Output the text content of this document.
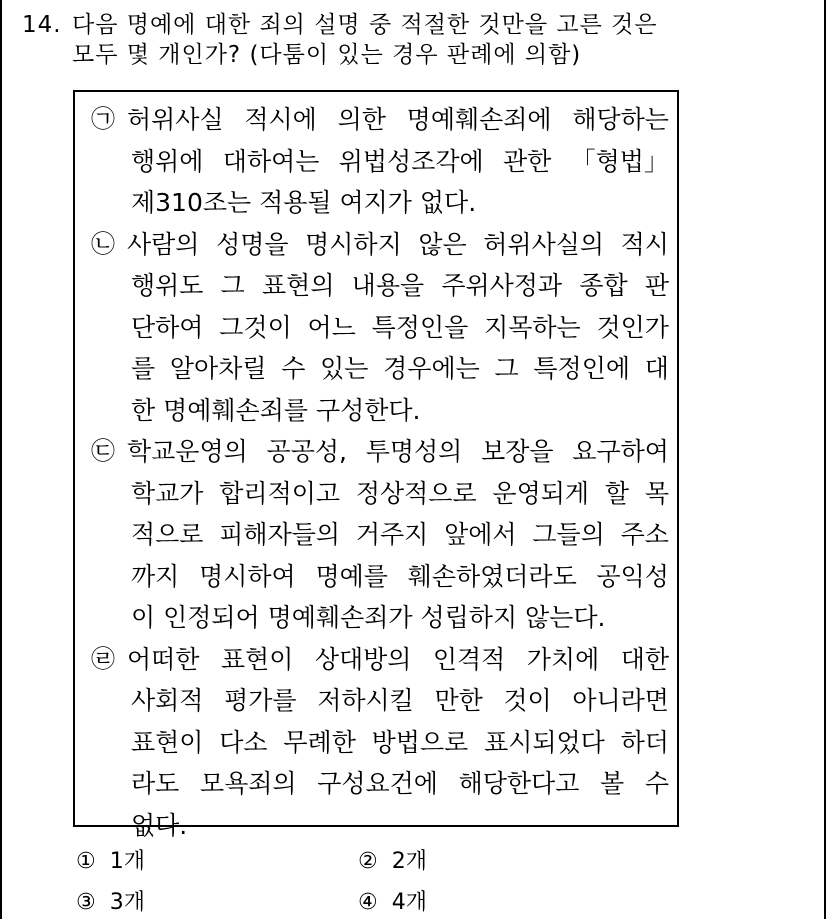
14. 다음 명예에 대한 죄의 설명 중 적절한 것만을 고른 것은
모두 몇 개인가? (다툼이 있는 경우 판례에 의함)
㉠ 허위사실 적시에 의한 명예훼손죄에 해당하는
행위에 대하여는 위법성조각에 관한 「형법」
제310조는 적용될 여지가 없다.
㉡ 사람의 성명을 명시하지 않은 허위사실의 적시
행위도 그 표현의 내용을 주위사정과 종합 판
단하여 그것이 어느 특정인을 지목하는 것인가
를 알아차릴 수 있는 경우에는 그 특정인에 대
한 명예훼손죄를 구성한다.
㉢ 학교운영의 공공성, 투명성의 보장을 요구하여
학교가 합리적이고 정상적으로 운영되게 할 목
적으로 피해자들의 거주지 앞에서 그들의 주소
까지 명시하여 명예를 훼손하였더라도 공익성
이 인정되어 명예훼손죄가 성립하지 않는다.
㉣ 어떠한 표현이 상대방의 인격적 가치에 대한
사회적 평가를 저하시킬 만한 것이 아니라면
표현이 다소 무례한 방법으로 표시되었다 하더
라도 모욕죄의 구성요건에 해당한다고 볼 수
없다.
① 1개	② 2개
③ 3개	④ 4개
